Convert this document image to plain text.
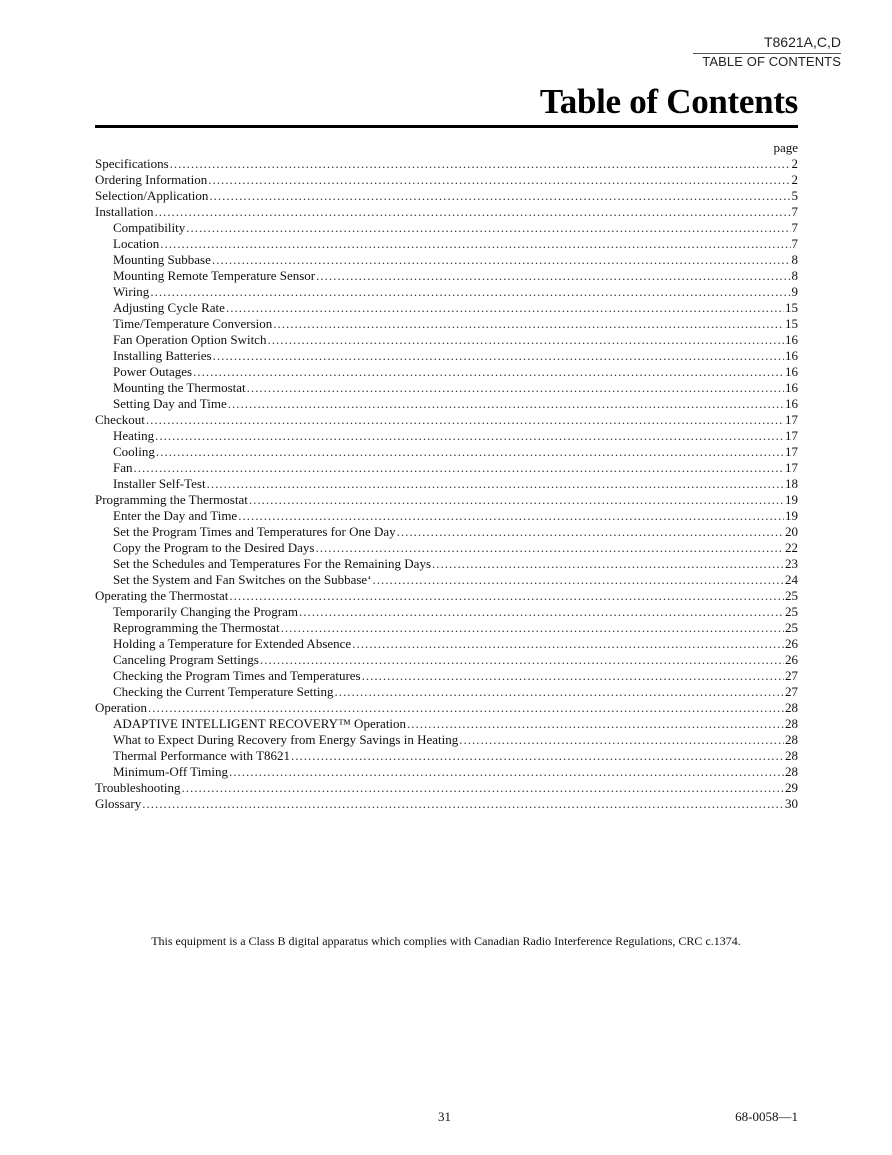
T8621A,C,D
TABLE OF CONTENTS
Table of Contents
page
Specifications .....	2
Ordering Information .....	2
Selection/Application .....	5
Installation .....	7
Compatibility .....	7
Location .....	7
Mounting Subbase .....	8
Mounting Remote Temperature Sensor .....	8
Wiring .....	9
Adjusting Cycle Rate .....	15
Time/Temperature Conversion .....	15
Fan Operation Option Switch .....	16
Installing Batteries .....	16
Power Outages .....	16
Mounting the Thermostat .....	16
Setting Day and Time .....	16
Checkout .....	17
Heating .....	17
Cooling .....	17
Fan .....	17
Installer Self-Test .....	18
Programming the Thermostat .....	19
Enter the Day and Time .....	19
Set the Program Times and Temperatures for One Day .....	20
Copy the Program to the Desired Days .....	22
Set the Schedules and Temperatures For the Remaining Days .....	23
Set the System and Fan Switches on the Subbase‘ .....	24
Operating the Thermostat .....	25
Temporarily Changing the Program .....	25
Reprogramming the Thermostat .....	25
Holding a Temperature for Extended Absence .....	26
Canceling Program Settings .....	26
Checking the Program Times and Temperatures .....	27
Checking the Current Temperature Setting .....	27
Operation .....	28
ADAPTIVE INTELLIGENT RECOVERY™ Operation .....	28
What to Expect During Recovery from Energy Savings in Heating .....	28
Thermal Performance with T8621 .....	28
Minimum-Off Timing .....	28
Troubleshooting .....	29
Glossary .....	30
This equipment is a Class B digital apparatus which complies with Canadian Radio Interference Regulations, CRC c.1374.
31	68-0058—1
